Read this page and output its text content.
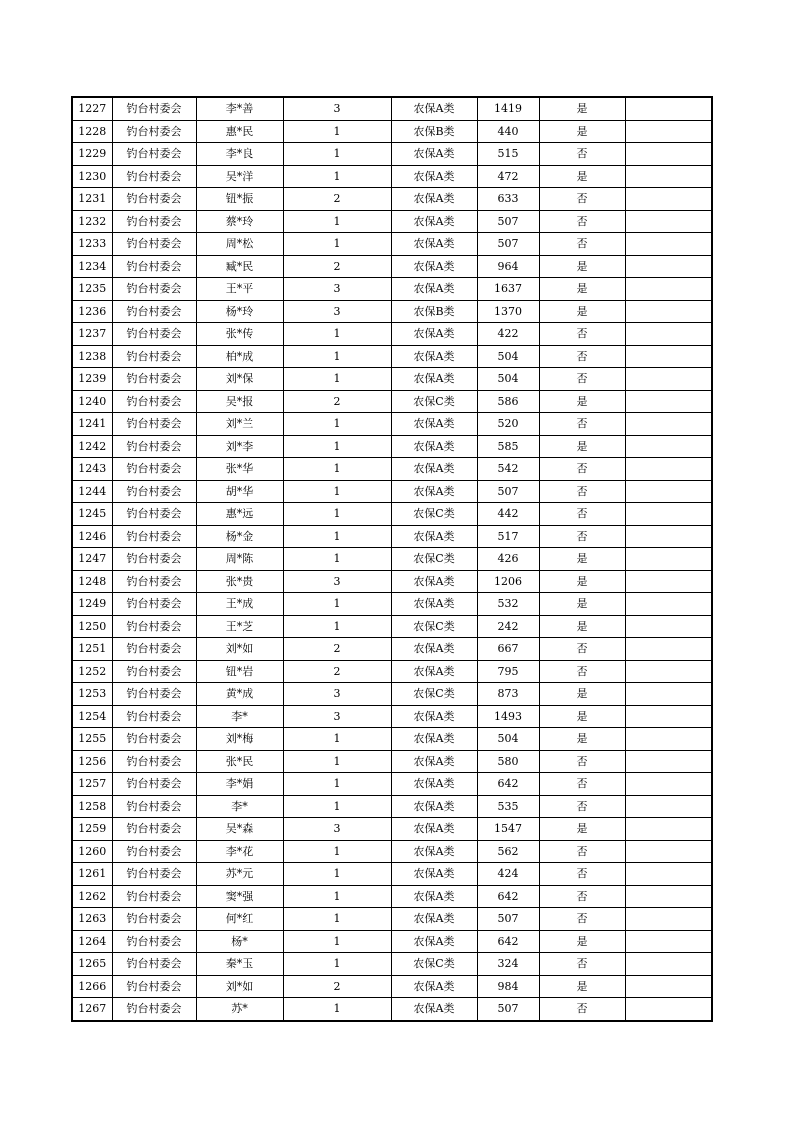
1227	钓台村委会	李*善	3	农保A类	1419	是	
1228	钓台村委会	惠*民	1	农保B类	440	是	
1229	钓台村委会	李*良	1	农保A类	515	否	
1230	钓台村委会	吴*洋	1	农保A类	472	是	
1231	钓台村委会	钮*振	2	农保A类	633	否	
1232	钓台村委会	蔡*玲	1	农保A类	507	否	
1233	钓台村委会	周*松	1	农保A类	507	否	
1234	钓台村委会	臧*民	2	农保A类	964	是	
1235	钓台村委会	王*平	3	农保A类	1637	是	
1236	钓台村委会	杨*玲	3	农保B类	1370	是	
1237	钓台村委会	张*传	1	农保A类	422	否	
1238	钓台村委会	柏*成	1	农保A类	504	否	
1239	钓台村委会	刘*保	1	农保A类	504	否	
1240	钓台村委会	吴*报	2	农保C类	586	是	
1241	钓台村委会	刘*兰	1	农保A类	520	否	
1242	钓台村委会	刘*李	1	农保A类	585	是	
1243	钓台村委会	张*华	1	农保A类	542	否	
1244	钓台村委会	胡*华	1	农保A类	507	否	
1245	钓台村委会	惠*远	1	农保C类	442	否	
1246	钓台村委会	杨*金	1	农保A类	517	否	
1247	钓台村委会	周*陈	1	农保C类	426	是	
1248	钓台村委会	张*贵	3	农保A类	1206	是	
1249	钓台村委会	王*成	1	农保A类	532	是	
1250	钓台村委会	王*芝	1	农保C类	242	是	
1251	钓台村委会	刘*如	2	农保A类	667	否	
1252	钓台村委会	钮*岩	2	农保A类	795	否	
1253	钓台村委会	黄*成	3	农保C类	873	是	
1254	钓台村委会	李*	3	农保A类	1493	是	
1255	钓台村委会	刘*梅	1	农保A类	504	是	
1256	钓台村委会	张*民	1	农保A类	580	否	
1257	钓台村委会	李*娟	1	农保A类	642	否	
1258	钓台村委会	李*	1	农保A类	535	否	
1259	钓台村委会	吴*森	3	农保A类	1547	是	
1260	钓台村委会	李*花	1	农保A类	562	否	
1261	钓台村委会	苏*元	1	农保A类	424	否	
1262	钓台村委会	窦*强	1	农保A类	642	否	
1263	钓台村委会	何*红	1	农保A类	507	否	
1264	钓台村委会	杨*	1	农保A类	642	是	
1265	钓台村委会	秦*玉	1	农保C类	324	否	
1266	钓台村委会	刘*如	2	农保A类	984	是	
1267	钓台村委会	苏*	1	农保A类	507	否	
